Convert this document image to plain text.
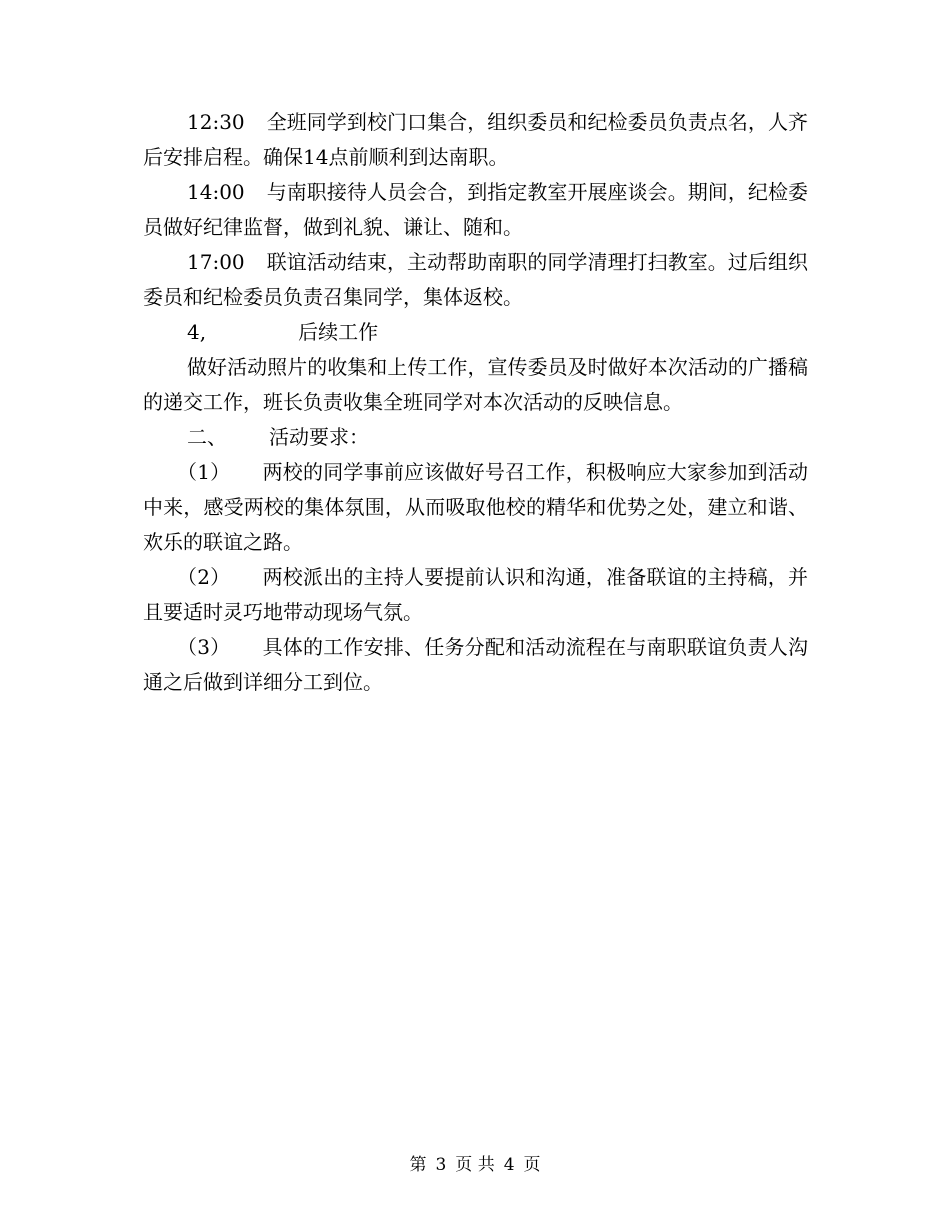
12:30 全班同学到校门口集合，组织委员和纪检委员负责点名，人齐后安排启程。确保14点前顺利到达南职。

14:00 与南职接待人员会合，到指定教室开展座谈会。期间，纪检委员做好纪律监督，做到礼貌、谦让、随和。

17:00 联谊活动结束，主动帮助南职的同学清理打扫教室。过后组织委员和纪检委员负责召集同学，集体返校。

4,	后续工作

做好活动照片的收集和上传工作，宣传委员及时做好本次活动的广播稿的递交工作，班长负责收集全班同学对本次活动的反映信息。

二、 活动要求：

（1） 两校的同学事前应该做好号召工作，积极响应大家参加到活动中来，感受两校的集体氛围，从而吸取他校的精华和优势之处，建立和谐、欢乐的联谊之路。

（2） 两校派出的主持人要提前认识和沟通，准备联谊的主持稿，并且要适时灵巧地带动现场气氛。

（3） 具体的工作安排、任务分配和活动流程在与南职联谊负责人沟通之后做到详细分工到位。

第 3 页 共 4 页
